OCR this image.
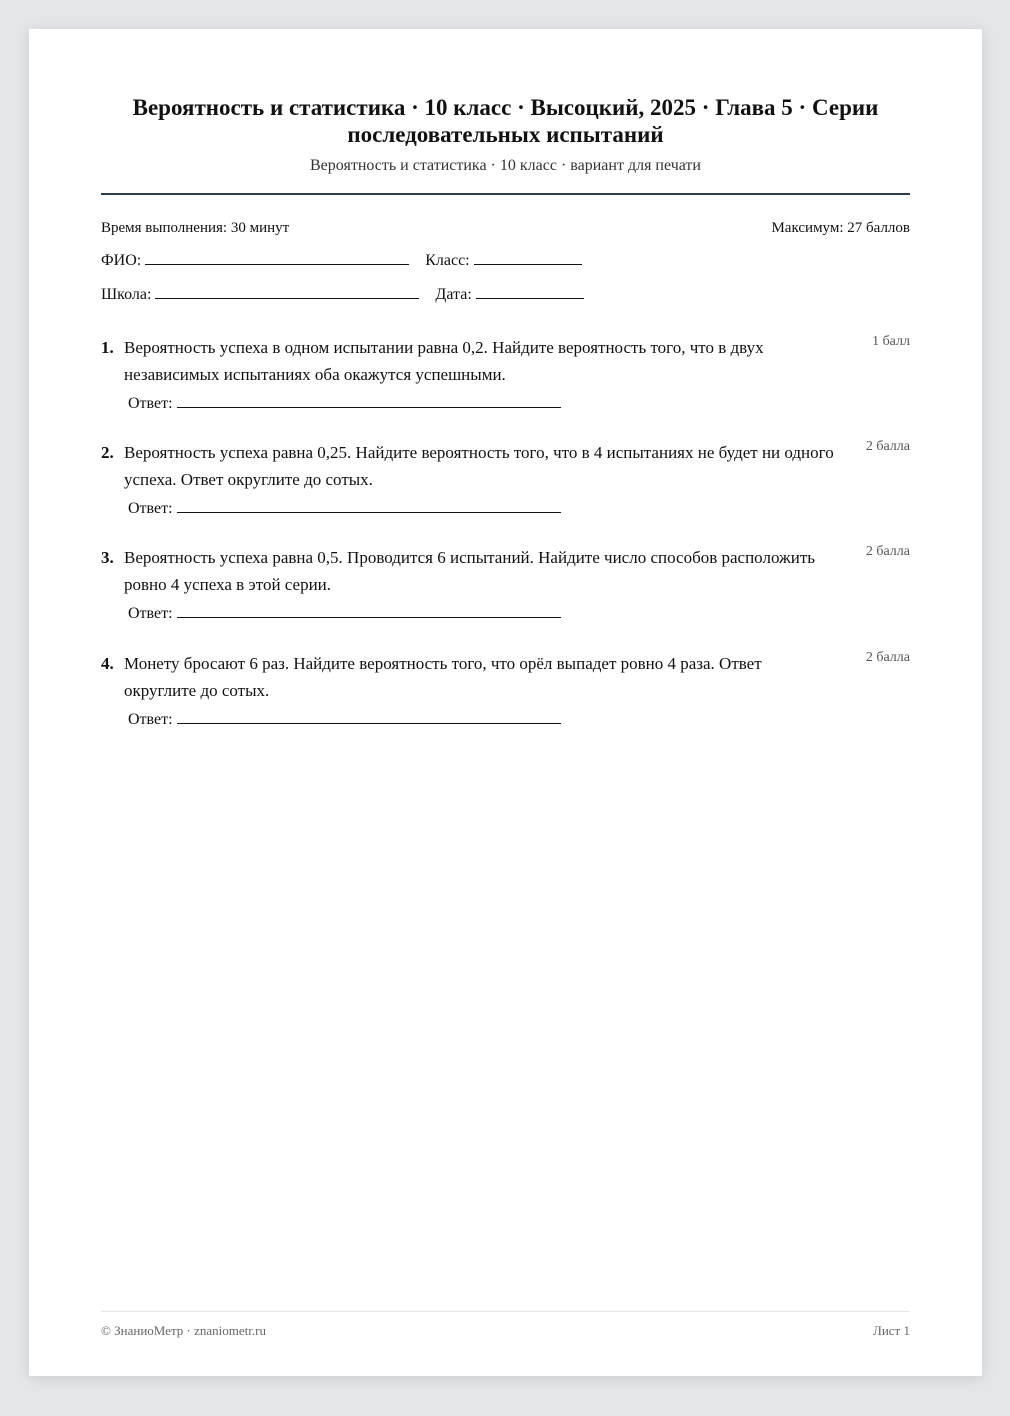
Вероятность и статистика · 10 класс · Высоцкий, 2025 · Глава 5 · Серии последовательных испытаний
Вероятность и статистика · 10 класс · вариант для печати
Время выполнения: 30 минут	Максимум: 27 баллов
ФИО:	Класс:
Школа:	Дата:
1. Вероятность успеха в одном испытании равна 0,2. Найдите вероятность того, что в двух независимых испытаниях оба окажутся успешными.
1 балл
Ответ:
2. Вероятность успеха равна 0,25. Найдите вероятность того, что в 4 испытаниях не будет ни одного успеха. Ответ округлите до сотых.
2 балла
Ответ:
3. Вероятность успеха равна 0,5. Проводится 6 испытаний. Найдите число способов расположить ровно 4 успеха в этой серии.
2 балла
Ответ:
4. Монету бросают 6 раз. Найдите вероятность того, что орёл выпадет ровно 4 раза. Ответ округлите до сотых.
2 балла
Ответ:
© ЗнаниоМетр · znaniometr.ru	Лист 1
